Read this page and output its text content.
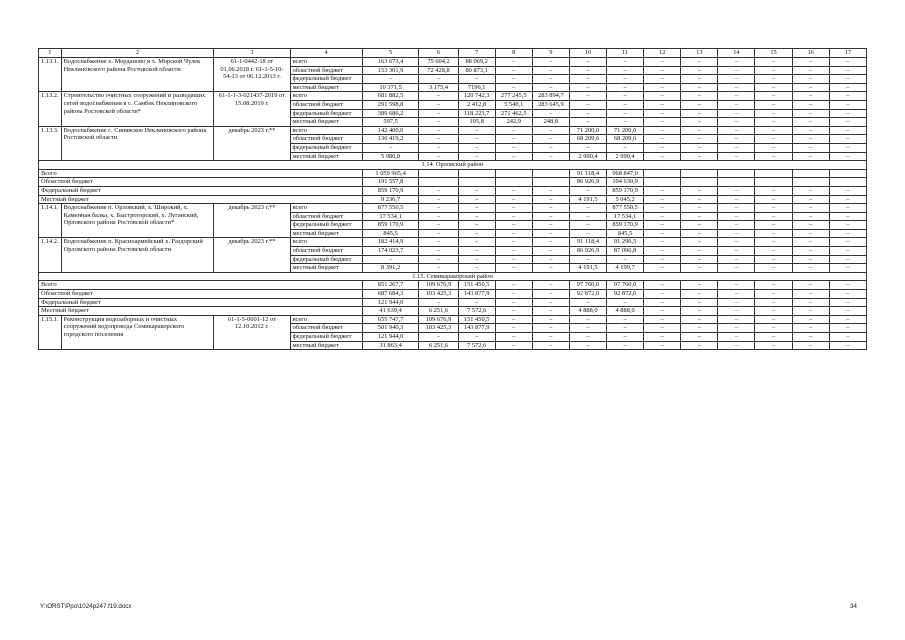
1	2	3	4	5	6	7	8	9	10	11	12	13	14	15	16	17
1.13.1.	Водоснабжение х. Морданово и х. Морской Чулек Неклиновского района Ростовской области	61-1-0442-18 от 01.06.2018 г. 61-1-5-10-54-13 от 06.12.2013 г.	всего	163 673,4	75 604,2	88 069,2	–	–	–	–	–	–	–	–	–	–
			областной бюджет	153 301,9	72 428,8	80 873,1	–	–	–	–	–	–	–	–	–	–
			федеральный бюджет	–	–	–	–	–	–	–	–	–	–	–	–	–
			местный бюджет	10 371,5	3 175,4	7196,1	–	–	–	–	–	–	–	–	–	–
1.13.2.	Строительство очистных сооружений и разводящих сетей водоснабжения в с. Самбек Неклиновского района Ростовской области*	61-1-1-3-021437-2019 от 15.08.2019 г.	всего	681 882,5	–	120 742,3	277 245,5	283 894,7	–	–	–	–	–	–	–	–
			областной бюджет	291 598,8	–	2 412,8	5 540,1	283 645,9	–	–	–	–	–	–	–	–
			федеральный бюджет	389 686,2	–	118 223,7	271 462,5	–	–	–	–	–	–	–	–	–
			местный бюджет	597,5	–	105,8	242,9	248,8	–	–	–	–	–	–	–	–
1.13.3.	Водоснабжение с. Синявское Неклиновского района Ростовской области	декабрь 2023 г.**	всего	142 400,0	–	–	–	–	71 200,0	71 200,0	–	–	–	–	–	–
			областной бюджет	136 419,2	–	–	–	–	68 209,6	68 209,6	–	–	–	–	–	–
			федеральный бюджет	–	–	–	–	–	–	–	–	–	–	–	–	–
			местный бюджет	5 980,8	–	–	–	–	2 990,4	2 990,4	–	–	–	–	–	–
1.14. Орловский район																
Всего				1 059 965,4					91 118,4	968 847,0						
Областной бюджет				191 557,8					86 926,9	104 630,9						
Федеральный бюджет				859 170,9	–	–	–	–	–	859 170,9	–	–	–	–	–	–
Местный бюджет				9 236,7	–	–	–	–	4 191,5	5 045,2	–	–	–	–	–	–
1.14.1.	Водоснабжение п. Орловский, х. Широкий, х. Каменная балка, х. Быстрогорский, х. Луганский, Орловского района Ростовской области*	декабрь 2023 г.**	всего	877 550,5	–	–	–	–	–	877 550,5	–	–	–	–	–	–
			областной бюджет	17 534,1	–	–	–	–	–	17 534,1	–	–	–	–	–	–
			федеральный бюджет	859 170,9	–	–	–	–	–	859 170,9	–	–	–	–	–	–
			местный бюджет	845,5	–	–	–	–	–	845,5	–	–	–	–	–	–
1.14.2.	Водоснабжение п. Красноармейский х. Раздорский Орловского района Ростовской области	декабрь 2023 г.**	всего	182 414,9	–	–	–	–	91 118,4	91 296,5	–	–	–	–	–	–
			областной бюджет	174 023,7	–	–	–	–	86 926,9	87 096,8	–	–	–	–	–	–
			федеральный бюджет	–	–	–	–	–	–	–	–	–	–	–	–	–
			местный бюджет	8 391,2	–	–	–	–	4 191,5	4 199,7	–	–	–	–	–	–
1.15. Семикаракорский район																
Всего				851 267,7	109 676,9	151 450,5	–	–	97 760,0	97 760,0	–	–	–	–	–	–
Областной бюджет				687 684,3	103 425,3	143 877,9	–	–	92 872,0	92 872,0	–	–	–	–	–	–
Федеральный бюджет				121 944,0	–	–	–	–	–	–	–	–	–	–	–	–
Местный бюджет				41 639,4	6 251,6	7 572,6	–	–	4 888,0	4 888,0	–	–	–	–	–	–
1.15.1.	Реконструкция водозаборных и очистных сооружений водопровода Семикаракорского городского поселения	61-1-5-0601-12 от 12.10.2012 г.	всего	655 747,7	109 676,9	151 450,5	–	–	–	–	–	–	–	–	–	–
			областной бюджет	501 940,3	103 425,3	143 877,9	–	–	–	–	–	–	–	–	–	–
			федеральный бюджет	121 944,0	–	–	–	–	–	–	–	–	–	–	–	–
			местный бюджет	31 863,4	6 251,6	7 572,6	–	–	–	–	–	–	–	–	–	–
Y:\ORST\Ppo\1024p247.f19.docx	34
